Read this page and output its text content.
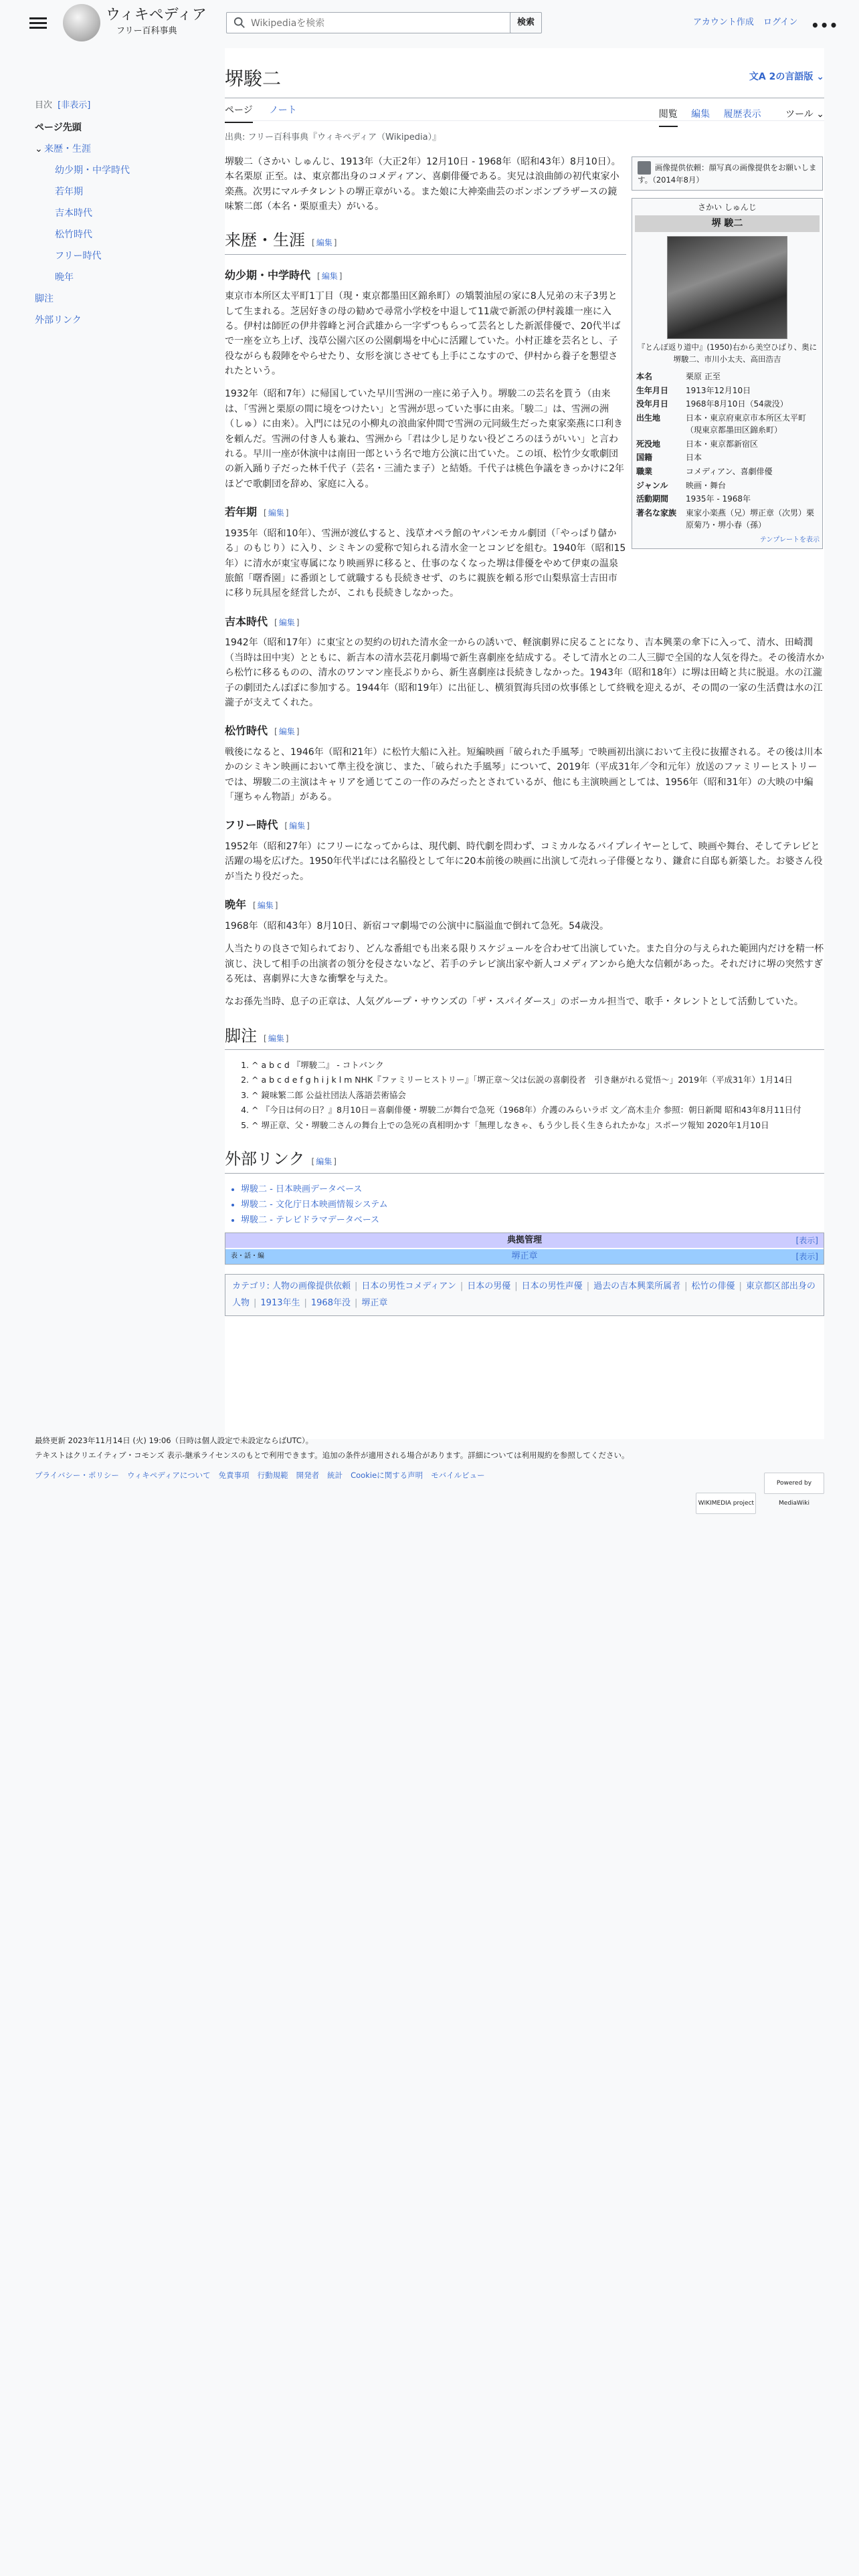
ウィキペディア
フリー百科事典
Wikipediaを検索
検索	アカウント作成 ログイン •••
目次 [非表示]
ページ先頭
⌄ 来歴・生涯
幼少期・中学時代
若年期
吉本時代
松竹時代
フリー時代
晩年
脚注
外部リンク
堺駿二	文A 2の言語版 ⌄
ページ ノート	閲覧 編集 履歴表示	ツール ⌄
出典: フリー百科事典『ウィキペディア（Wikipedia）』
画像提供依頼：顔写真の画像提供をお願いします。（2014年8月）
さかい しゅんじ
堺 駿二
『とんぼ返り道中』(1950)右から美空ひばり、奥に堺駿二、市川小太夫、高田浩吉
本名	栗原 正至
生年月日	1913年12月10日
没年月日	1968年8月10日（54歳没）
出生地	日本・東京府東京市本所区太平町（現東京都墨田区錦糸町）
死没地	日本・東京都新宿区
国籍	日本
職業	コメディアン、喜劇俳優
ジャンル	映画・舞台
活動期間	1935年 - 1968年
著名な家族	東家小楽燕（兄）堺正章（次男）栗原菊乃・堺小春（孫）
テンプレートを表示

堺駿二（さかい しゅんじ、1913年（大正2年）12月10日 - 1968年（昭和43年）8月10日）。本名栗原 正至。は、東京都出身のコメディアン、喜劇俳優である。実兄は浪曲師の初代東家小楽燕。次男にマルチタレントの堺正章がいる。また娘に大神楽曲芸のボンボンブラザースの鏡味繁二郎（本名・栗原重夫）がいる。

来歴・生涯 [ 編集 ]
幼少期・中学時代 [ 編集 ]

東京市本所区太平町1丁目（現・東京都墨田区錦糸町）の矯製油屋の家に8人兄弟の末子3男として生まれる。芝居好きの母の勧めで尋常小学校を中退して11歳で新派の伊村義雄一座に入る。伊村は師匠の伊井蓉峰と河合武雄から一字ずつもらって芸名とした新派俳優で、20代半ばで一座を立ち上げ、浅草公園六区の公園劇場を中心に活躍していた。小村正雄を芸名とし、子役ながらも殺陣をやらせたり、女形を演じさせても上手にこなすので、伊村から養子を懇望されたという。

1932年（昭和7年）に帰国していた早川雪洲の一座に弟子入り。堺駿二の芸名を貰う（由来は、「雪洲と栗原の間に境をつけたい」と雪洲が思っていた事に由来。「駿二」は、雪洲の洲（しゅ）に由来）。入門には兄の小柳丸の浪曲家仲間で雪洲の元同級生だった東家楽燕に口利きを頼んだ。雪洲の付き人も兼ね、雪洲から「君は少し足りない役どころのほうがいい」と言われる。早川一座が休演中は南田一郎という名で地方公演に出ていた。この頃、松竹少女歌劇団の新入踊り子だった林千代子（芸名・三浦たま子）と結婚。千代子は桃色争議をきっかけに2年ほどで歌劇団を辞め、家庭に入る。

若年期 [ 編集 ]

1935年（昭和10年）、雪洲が渡仏すると、浅草オペラ館のヤパンモカル劇団（「やっぱり儲かる」のもじり）に入り、シミキンの愛称で知られる清水金一とコンビを組む。1940年（昭和15年）に清水が東宝専属になり映画界に移ると、仕事のなくなった堺は俳優をやめて伊東の温泉旅館「曙香園」に番頭として就職するも長続きせず、のちに親族を頼る形で山梨県富士吉田市に移り玩具屋を経営したが、これも長続きしなかった。

吉本時代 [ 編集 ]

1942年（昭和17年）に東宝との契約の切れた清水金一からの誘いで、軽演劇界に戻ることになり、吉本興業の傘下に入って、清水、田崎潤（当時は田中実）とともに、新吉本の清水芸花月劇場で新生喜劇座を結成する。そして清水との二人三脚で全国的な人気を得た。その後清水から松竹に移るものの、清水のワンマン座長ぶりから、新生喜劇座は長続きしなかった。1943年（昭和18年）に堺は田崎と共に脱退。水の江瀧子の劇団たんぽぽに参加する。1944年（昭和19年）に出征し、横須賀海兵団の炊事係として終戦を迎えるが、その間の一家の生活費は水の江瀧子が支えてくれた。

松竹時代 [ 編集 ]

戦後になると、1946年（昭和21年）に松竹大船に入社。短編映画「破られた手風琴」で映画初出演において主役に抜擢される。その後は川本かのシミキン映画において準主役を演じ、また、「破られた手風琴」について、2019年（平成31年／令和元年）放送のファミリーヒストリーでは、堺駿二の主演はキャリアを通じてこの一作のみだったとされているが、他にも主演映画としては、1956年（昭和31年）の大映の中編「運ちゃん物語」がある。

フリー時代 [ 編集 ]

1952年（昭和27年）にフリーになってからは、現代劇、時代劇を問わず、コミカルなるバイプレイヤーとして、映画や舞台、そしてテレビと活躍の場を広げた。1950年代半ばには名脇役として年に20本前後の映画に出演して売れっ子俳優となり、鎌倉に自邸も新築した。お婆さん役が当たり役だった。

晩年 [ 編集 ]

1968年（昭和43年）8月10日、新宿コマ劇場での公演中に脳溢血で倒れて急死。54歳没。

人当たりの良さで知られており、どんな番組でも出来る限りスケジュールを合わせて出演していた。また自分の与えられた範囲内だけを精一杯演じ、決して相手の出演者の領分を侵さないなど、若手のテレビ演出家や新人コメディアンから絶大な信頼があった。それだけに堺の突然すぎる死は、喜劇界に大きな衝撃を与えた。

なお孫先当時、息子の正章は、人気グループ・サウンズの「ザ・スパイダース」のボーカル担当で、歌手・タレントとして活動していた。

脚注 [ 編集 ]
1. ^ a b c d 『堺駿二』 - コトバンク
2. ^ a b c d e f g h i j k l m NHK『ファミリーヒストリー』「堺正章〜父は伝説の喜劇役者　引き継がれる覚悟〜」2019年（平成31年）1月14日
3. ^ 鏡味繁二郎 公益社団法人落語芸術協会
4. ^ 『今日は何の日？』8月10日＝喜劇俳優・堺駿二が舞台で急死（1968年）介護のみらいラボ 文／高木圭介 参照：朝日新聞 昭和43年8月11日付
5. ^ 堺正章、父・堺駿二さんの舞台上での急死の真相明かす「無理しなきゃ、もう少し長く生きられたかな」スポーツ報知 2020年1月10日
外部リンク [ 編集 ]
• 堺駿二 - 日本映画データベース
• 堺駿二 - 文化庁日本映画情報システム
• 堺駿二 - テレビドラマデータベース
典拠管理	[表示]
表・話・編	堺正章	[表示]
カテゴリ: 人物の画像提供依頼 | 日本の男性コメディアン | 日本の男優 | 日本の男性声優 | 過去の吉本興業所属者 | 松竹の俳優 | 東京都区部出身の人物 | 1913年生 | 1968年没 | 堺正章
最終更新 2023年11月14日 (火) 19:06（日時は個人設定で未設定ならばUTC）。
テキストはクリエイティブ・コモンズ 表示-継承ライセンスのもとで利用できます。追加の条件が適用される場合があります。詳細については利用規約を参照してください。
プライバシー・ポリシー ウィキペディアについて 免責事項 行動規範 開発者 統計 Cookieに関する声明 モバイルビュー
WIKIMEDIA project Powered by MediaWiki
